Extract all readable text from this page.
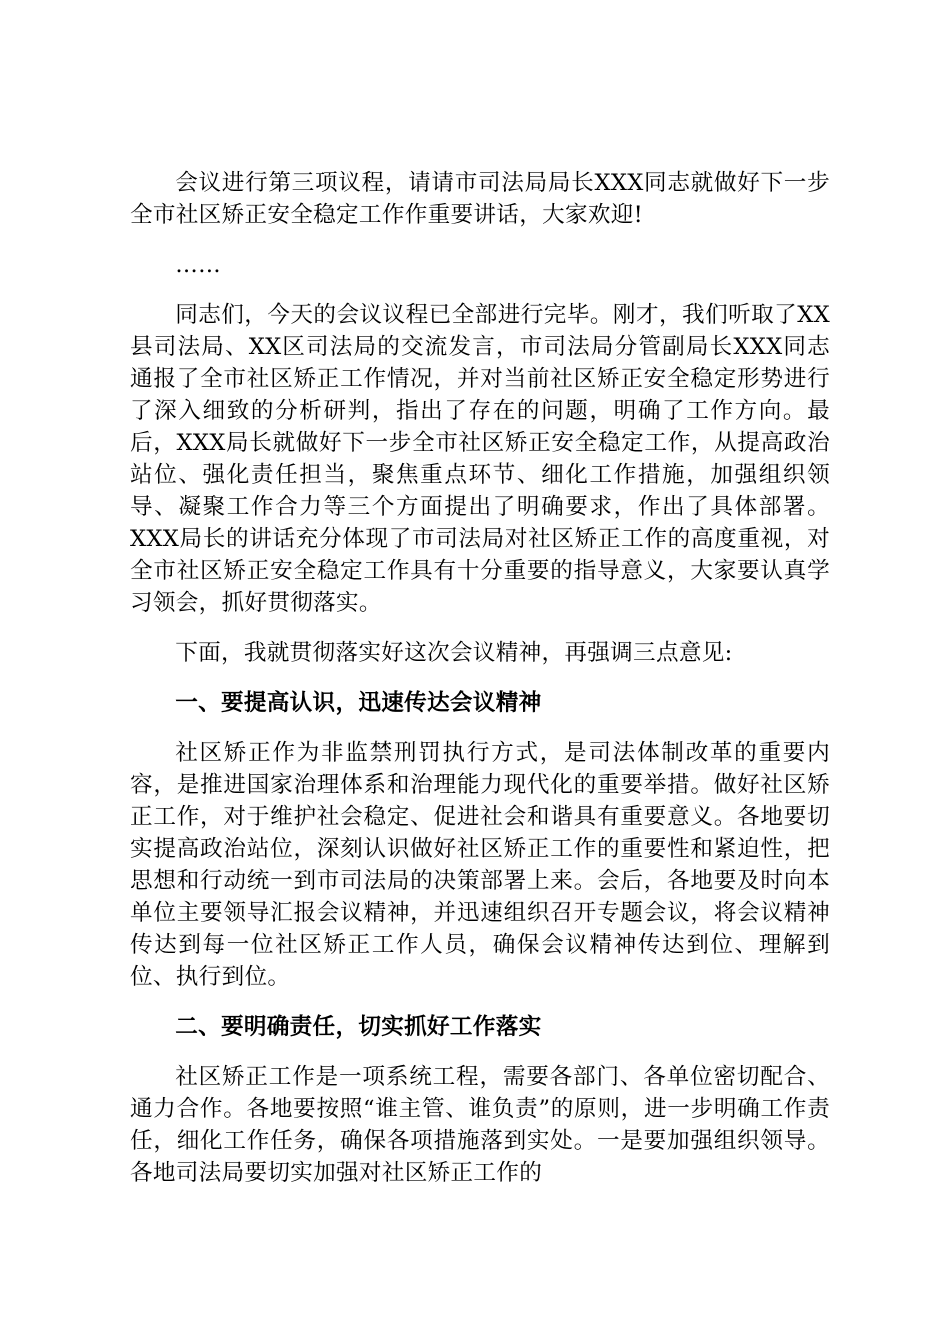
会议进行第三项议程，请请市司法局局长XXX同志就做好下一步全市社区矫正安全稳定工作作重要讲话，大家欢迎!

……

同志们，今天的会议议程已全部进行完毕。刚才，我们听取了XX县司法局、XX区司法局的交流发言，市司法局分管副局长XXX同志通报了全市社区矫正工作情况，并对当前社区矫正安全稳定形势进行了深入细致的分析研判，指出了存在的问题，明确了工作方向。最后，XXX局长就做好下一步全市社区矫正安全稳定工作，从提高政治站位、强化责任担当，聚焦重点环节、细化工作措施，加强组织领导、凝聚工作合力等三个方面提出了明确要求，作出了具体部署。XXX局长的讲话充分体现了市司法局对社区矫正工作的高度重视，对全市社区矫正安全稳定工作具有十分重要的指导意义，大家要认真学习领会，抓好贯彻落实。

下面，我就贯彻落实好这次会议精神，再强调三点意见:

一、要提高认识，迅速传达会议精神

社区矫正作为非监禁刑罚执行方式，是司法体制改革的重要内容，是推进国家治理体系和治理能力现代化的重要举措。做好社区矫正工作，对于维护社会稳定、促进社会和谐具有重要意义。各地要切实提高政治站位，深刻认识做好社区矫正工作的重要性和紧迫性，把思想和行动统一到市司法局的决策部署上来。会后，各地要及时向本单位主要领导汇报会议精神，并迅速组织召开专题会议，将会议精神传达到每一位社区矫正工作人员，确保会议精神传达到位、理解到位、执行到位。

二、要明确责任，切实抓好工作落实

社区矫正工作是一项系统工程，需要各部门、各单位密切配合、通力合作。各地要按照“谁主管、谁负责”的原则，进一步明确工作责任，细化工作任务，确保各项措施落到实处。一是要加强组织领导。各地司法局要切实加强对社区矫正工作的
